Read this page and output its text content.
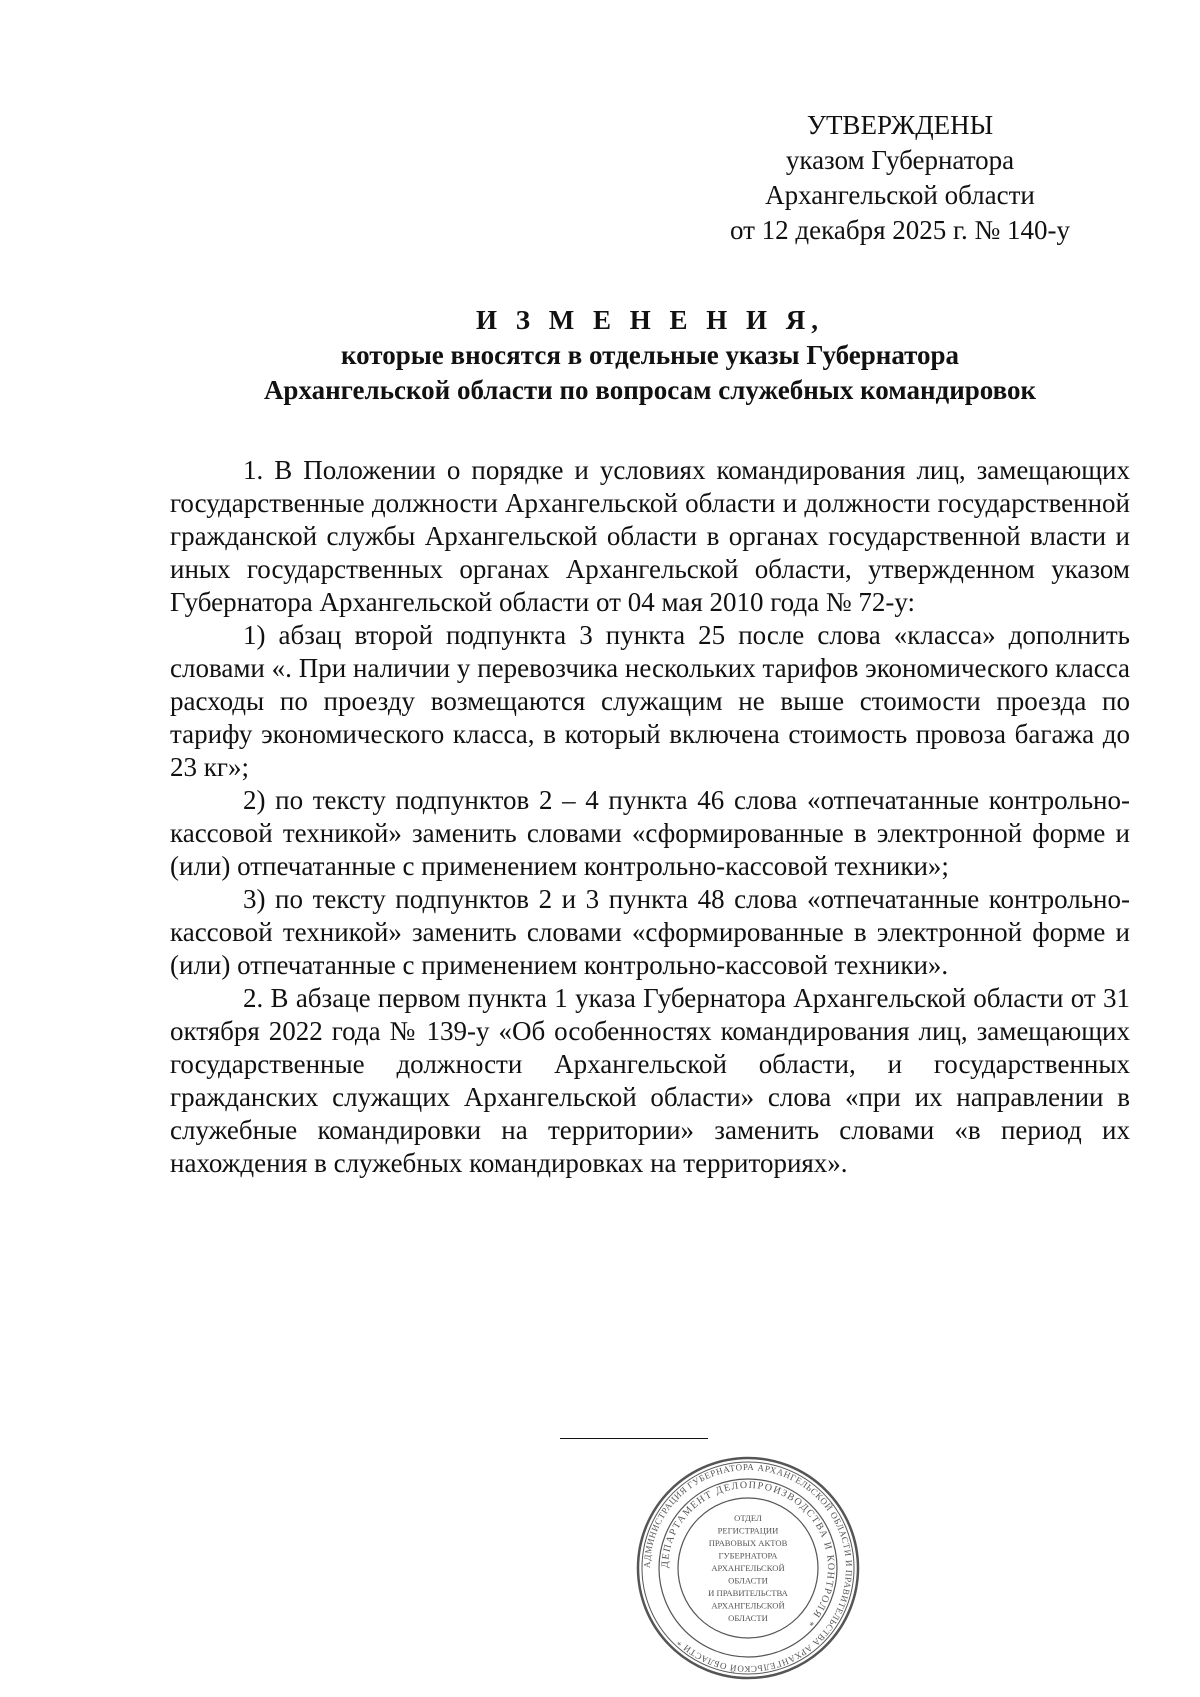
УТВЕРЖДЕНЫ
указом Губернатора
Архангельской области
от 12 декабря 2025 г. № 140-у
И З М Е Н Е Н И Я,
которые вносятся в отдельные указы Губернатора
Архангельской области по вопросам служебных командировок

1. В Положении о порядке и условиях командирования лиц, замещающих государственные должности Архангельской области и должности государственной гражданской службы Архангельской области в органах государственной власти и иных государственных органах Архангельской области, утвержденном указом Губернатора Архангельской области от 04 мая 2010 года № 72-у:

1) абзац второй подпункта 3 пункта 25 после слова «класса» дополнить словами «. При наличии у перевозчика нескольких тарифов экономического класса расходы по проезду возмещаются служащим не выше стоимости проезда по тарифу экономического класса, в который включена стоимость провоза багажа до 23 кг»;

2) по тексту подпунктов 2 – 4 пункта 46 слова «отпечатанные контрольно-кассовой техникой» заменить словами «сформированные в электронной форме и (или) отпечатанные с применением контрольно-кассовой техники»;

3) по тексту подпунктов 2 и 3 пункта 48 слова «отпечатанные контрольно-кассовой техникой» заменить словами «сформированные в электронной форме и (или) отпечатанные с применением контрольно-кассовой техники».

2. В абзаце первом пункта 1 указа Губернатора Архангельской области от 31 октября 2022 года № 139-у «Об особенностях командирования лиц, замещающих государственные должности Архангельской области, и государственных гражданских служащих Архангельской области» слова «при их направлении в служебные командировки на территории» заменить словами «в период их нахождения в служебных командировках на территориях».

АДМИНИСТРАЦИЯ ГУБЕРНАТОРА АРХАНГЕЛЬСКОЙ ОБЛАСТИ И ПРАВИТЕЛЬСТВА АРХАНГЕЛЬСКОЙ ОБЛАСТИ *
ДЕПАРТАМЕНТ ДЕЛОПРОИЗВОДСТВА И КОНТРОЛЯ *
ОТДЕЛ
РЕГИСТРАЦИИ
ПРАВОВЫХ АКТОВ
ГУБЕРНАТОРА
АРХАНГЕЛЬСКОЙ
ОБЛАСТИ
И ПРАВИТЕЛЬСТВА
АРХАНГЕЛЬСКОЙ
ОБЛАСТИ
